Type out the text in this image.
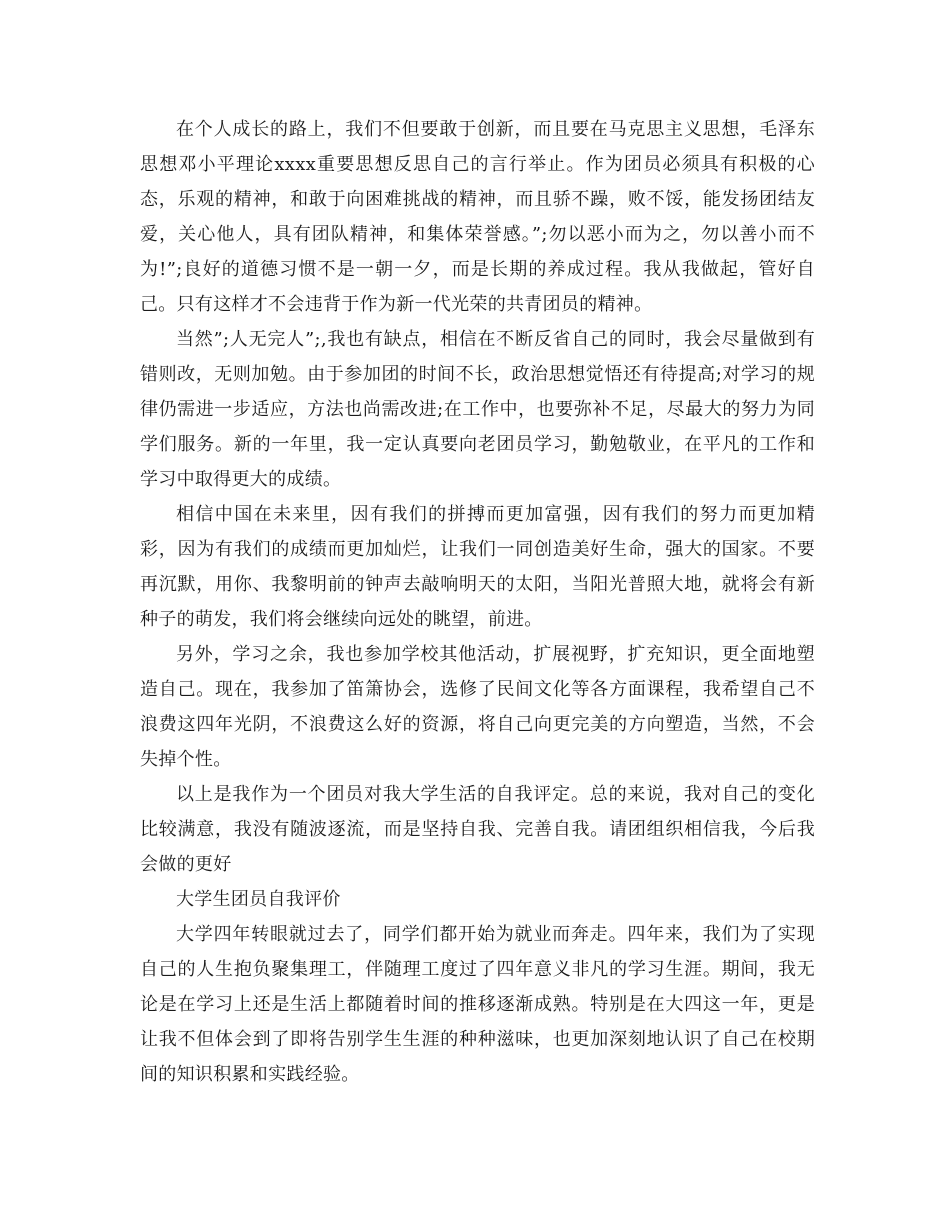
在个人成长的路上，我们不但要敢于创新，而且要在马克思主义思想，毛泽东思想邓小平理论xxxx重要思想反思自己的言行举止。作为团员必须具有积极的心态，乐观的精神，和敢于向困难挑战的精神，而且骄不躁，败不馁，能发扬团结友爱，关心他人，具有团队精神，和集体荣誉感。”;勿以恶小而为之，勿以善小而不为!”;良好的道德习惯不是一朝一夕，而是长期的养成过程。我从我做起，管好自己。只有这样才不会违背于作为新一代光荣的共青团员的精神。

当然”;人无完人”;,我也有缺点，相信在不断反省自己的同时，我会尽量做到有错则改，无则加勉。由于参加团的时间不长，政治思想觉悟还有待提高;对学习的规律仍需进一步适应，方法也尚需改进;在工作中，也要弥补不足，尽最大的努力为同学们服务。新的一年里，我一定认真要向老团员学习，勤勉敬业，在平凡的工作和学习中取得更大的成绩。

相信中国在未来里，因有我们的拼搏而更加富强，因有我们的努力而更加精彩，因为有我们的成绩而更加灿烂，让我们一同创造美好生命，强大的国家。不要再沉默，用你、我黎明前的钟声去敲响明天的太阳，当阳光普照大地，就将会有新种子的萌发，我们将会继续向远处的眺望，前进。

另外，学习之余，我也参加学校其他活动，扩展视野，扩充知识，更全面地塑造自己。现在，我参加了笛箫协会，选修了民间文化等各方面课程，我希望自己不浪费这四年光阴，不浪费这么好的资源，将自己向更完美的方向塑造，当然，不会失掉个性。

以上是我作为一个团员对我大学生活的自我评定。总的来说，我对自己的变化比较满意，我没有随波逐流，而是坚持自我、完善自我。请团组织相信我，今后我会做的更好

大学生团员自我评价

大学四年转眼就过去了，同学们都开始为就业而奔走。四年来，我们为了实现自己的人生抱负聚集理工，伴随理工度过了四年意义非凡的学习生涯。期间，我无论是在学习上还是生活上都随着时间的推移逐渐成熟。特别是在大四这一年，更是让我不但体会到了即将告别学生生涯的种种滋味，也更加深刻地认识了自己在校期间的知识积累和实践经验。
